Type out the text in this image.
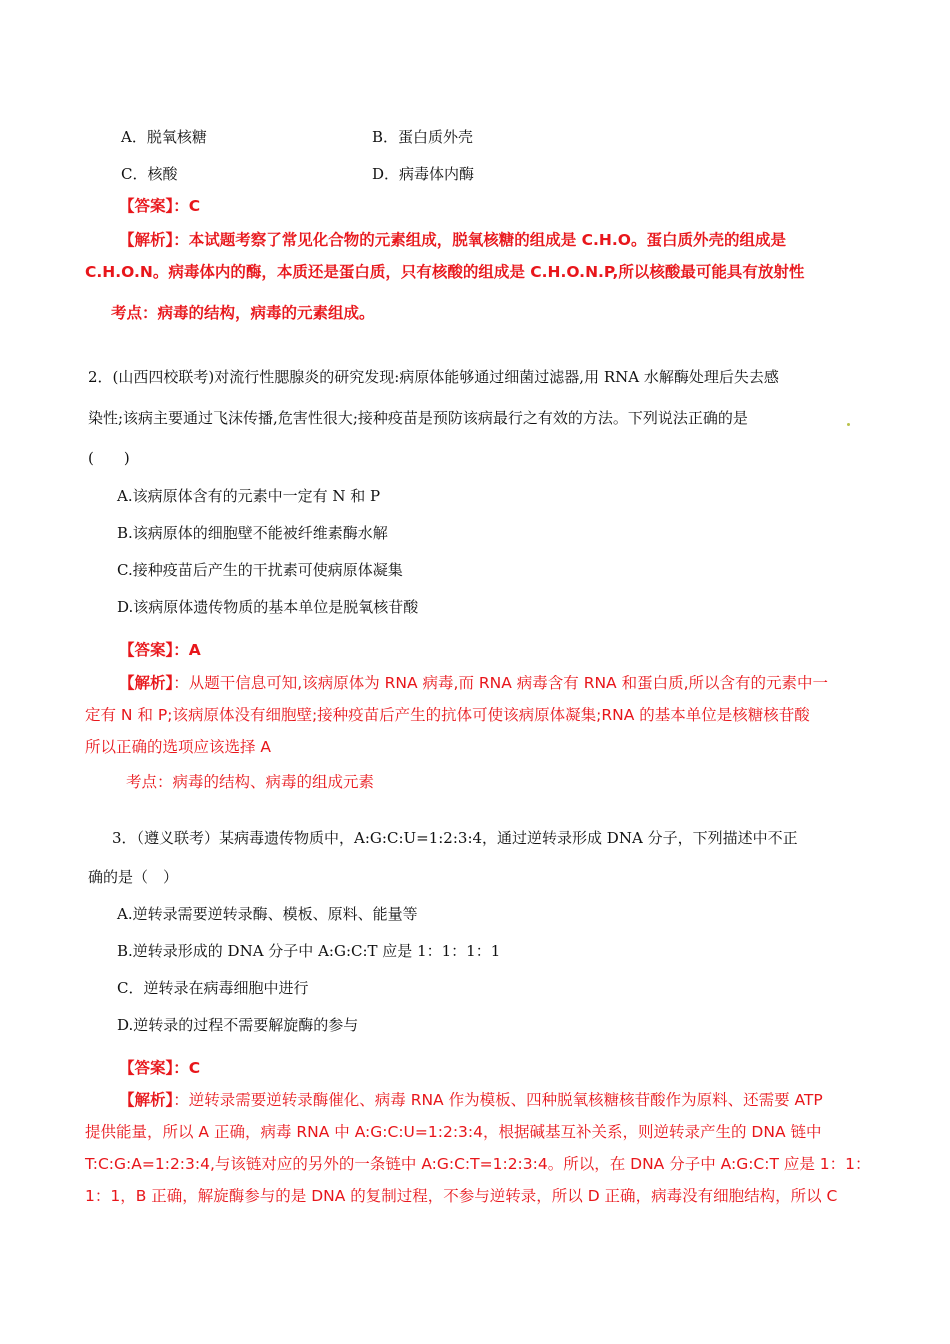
A．脱氧核糖	B．蛋白质外壳
C．核酸	D．病毒体内酶
【答案】：C
【解析】：本试题考察了常见化合物的元素组成，脱氧核糖的组成是 C.H.O。蛋白质外壳的组成是
C.H.O.N。病毒体内的酶，本质还是蛋白质，只有核酸的组成是 C.H.O.N.P,所以核酸最可能具有放射性
考点：病毒的结构，病毒的元素组成。
2．(山西四校联考)对流行性腮腺炎的研究发现:病原体能够通过细菌过滤器,用 RNA 水解酶处理后失去感
染性;该病主要通过飞沫传播,危害性很大;接种疫苗是预防该病最行之有效的方法。下列说法正确的是
(　　)
A.该病原体含有的元素中一定有 N 和 P
B.该病原体的细胞壁不能被纤维素酶水解
C.接种疫苗后产生的干扰素可使病原体凝集
D.该病原体遗传物质的基本单位是脱氧核苷酸
【答案】：A
【解析】：从题干信息可知,该病原体为 RNA 病毒,而 RNA 病毒含有 RNA 和蛋白质,所以含有的元素中一
定有 N 和 P;该病原体没有细胞壁;接种疫苗后产生的抗体可使该病原体凝集;RNA 的基本单位是核糖核苷酸
所以正确的选项应该选择 A
考点：病毒的结构、病毒的组成元素
3．（遵义联考）某病毒遗传物质中，A:G:C:U=1:2:3:4，通过逆转录形成 DNA 分子，下列描述中不正
确的是（　）
A.逆转录需要逆转录酶、模板、原料、能量等
B.逆转录形成的 DNA 分子中 A:G:C:T 应是 1：1：1：1
C．逆转录在病毒细胞中进行
D.逆转录的过程不需要解旋酶的参与
【答案】：C
【解析】：逆转录需要逆转录酶催化、病毒 RNA 作为模板、四种脱氧核糖核苷酸作为原料、还需要 ATP
提供能量，所以 A 正确，病毒 RNA 中 A:G:C:U=1:2:3:4，根据碱基互补关系，则逆转录产生的 DNA 链中
T:C:G:A=1:2:3:4,与该链对应的另外的一条链中 A:G:C:T=1:2:3:4。所以，在 DNA 分子中 A:G:C:T 应是 1：1：
1：1，B 正确，解旋酶参与的是 DNA 的复制过程，不参与逆转录，所以 D 正确，病毒没有细胞结构，所以 C
